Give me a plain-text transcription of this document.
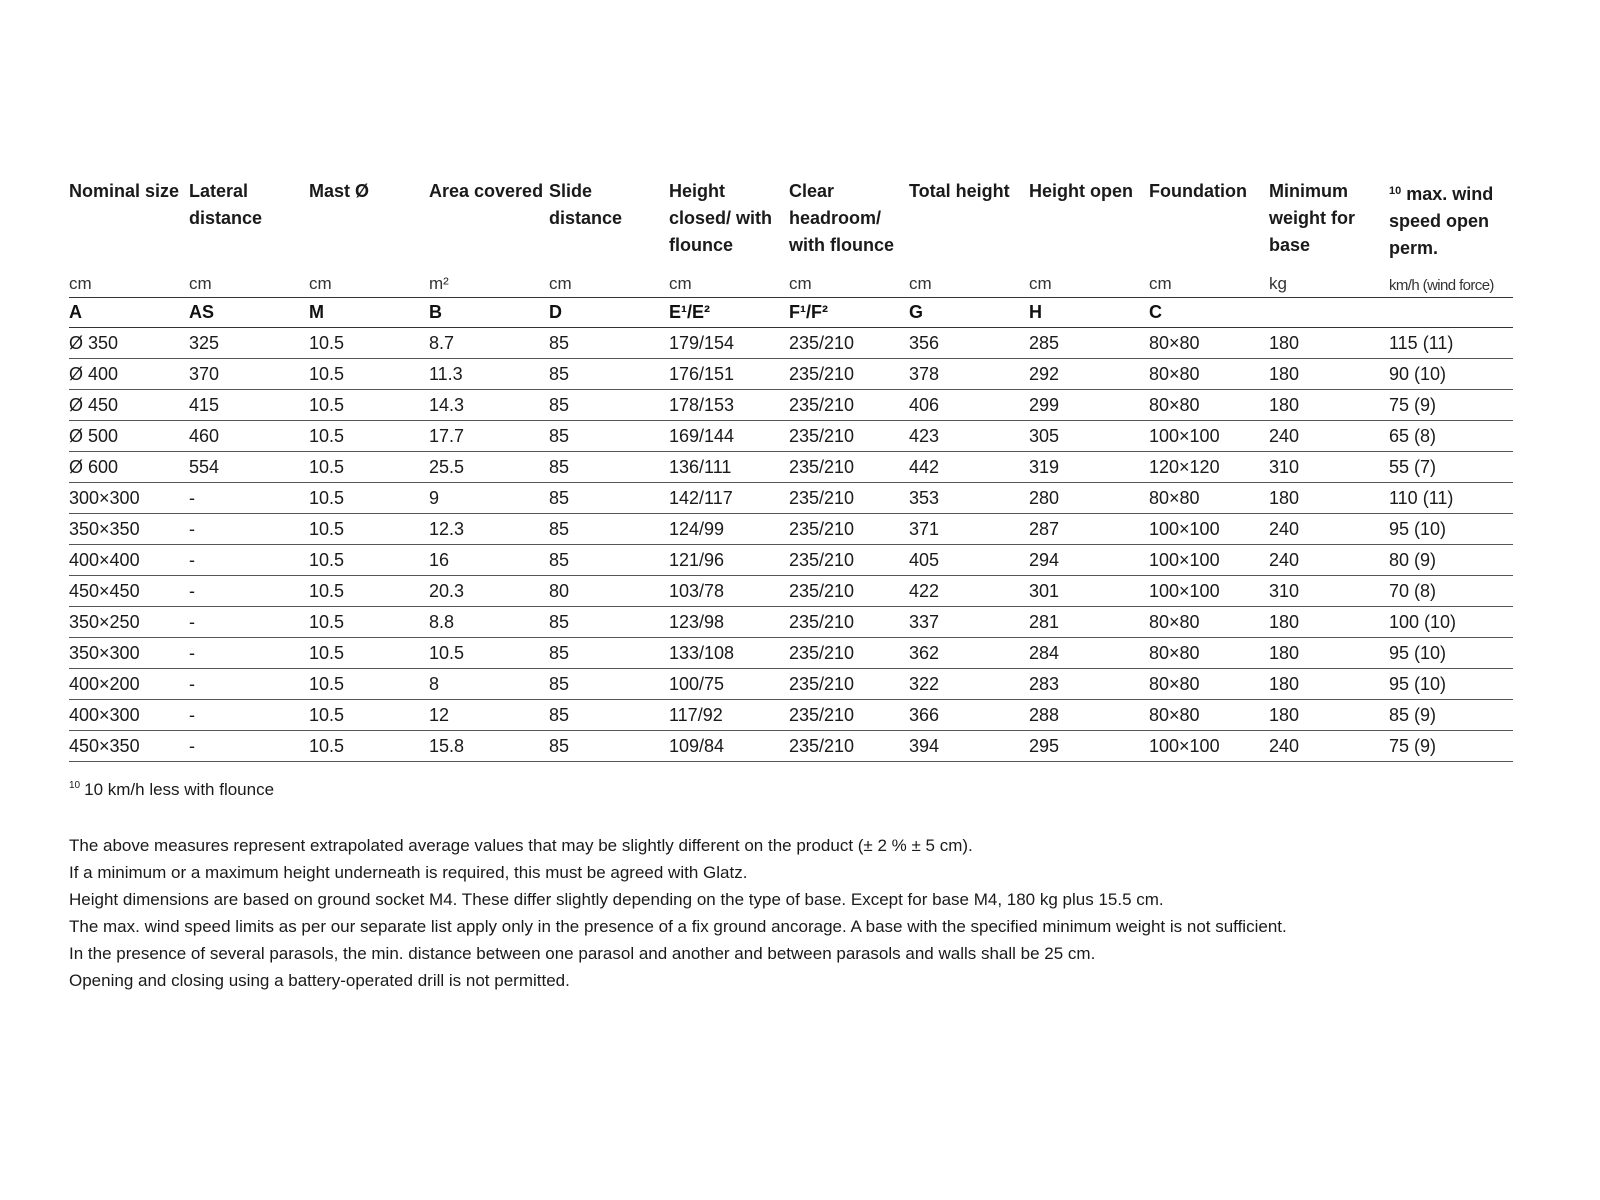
Nominal size	Lateral distance	Mast Ø	Area covered	Slide distance	Height closed/ with flounce	Clear headroom/ with flounce	Total height	Height open	Foundation	Minimum weight for base	$^{10}$ max. wind speed open perm.
cm	cm	cm	m²	cm	cm	cm	cm	cm	cm	kg	km/h (wind force)
A	AS	M	B	D	E¹/E²	F¹/F²	G	H	C		
Ø 350	325	10.5	8.7	85	179/154	235/210	356	285	80×80	180	115 (11)
Ø 400	370	10.5	11.3	85	176/151	235/210	378	292	80×80	180	90 (10)
Ø 450	415	10.5	14.3	85	178/153	235/210	406	299	80×80	180	75 (9)
Ø 500	460	10.5	17.7	85	169/144	235/210	423	305	100×100	240	65 (8)
Ø 600	554	10.5	25.5	85	136/111	235/210	442	319	120×120	310	55 (7)
300×300	-	10.5	9	85	142/117	235/210	353	280	80×80	180	110 (11)
350×350	-	10.5	12.3	85	124/99	235/210	371	287	100×100	240	95 (10)
400×400	-	10.5	16	85	121/96	235/210	405	294	100×100	240	80 (9)
450×450	-	10.5	20.3	80	103/78	235/210	422	301	100×100	310	70 (8)
350×250	-	10.5	8.8	85	123/98	235/210	337	281	80×80	180	100 (10)
350×300	-	10.5	10.5	85	133/108	235/210	362	284	80×80	180	95 (10)
400×200	-	10.5	8	85	100/75	235/210	322	283	80×80	180	95 (10)
400×300	-	10.5	12	85	117/92	235/210	366	288	80×80	180	85 (9)
450×350	-	10.5	15.8	85	109/84	235/210	394	295	100×100	240	75 (9)
$^{10}$ 10 km/h less with flounce
The above measures represent extrapolated average values that may be slightly different on the product (± 2 % ± 5 cm).
If a minimum or a maximum height underneath is required, this must be agreed with Glatz.
Height dimensions are based on ground socket M4. These differ slightly depending on the type of base. Except for base M4, 180 kg plus 15.5 cm.
The max. wind speed limits as per our separate list apply only in the presence of a fix ground ancorage. A base with the specified minimum weight is not sufficient.
In the presence of several parasols, the min. distance between one parasol and another and between parasols and walls shall be 25 cm.
Opening and closing using a battery-operated drill is not permitted.
